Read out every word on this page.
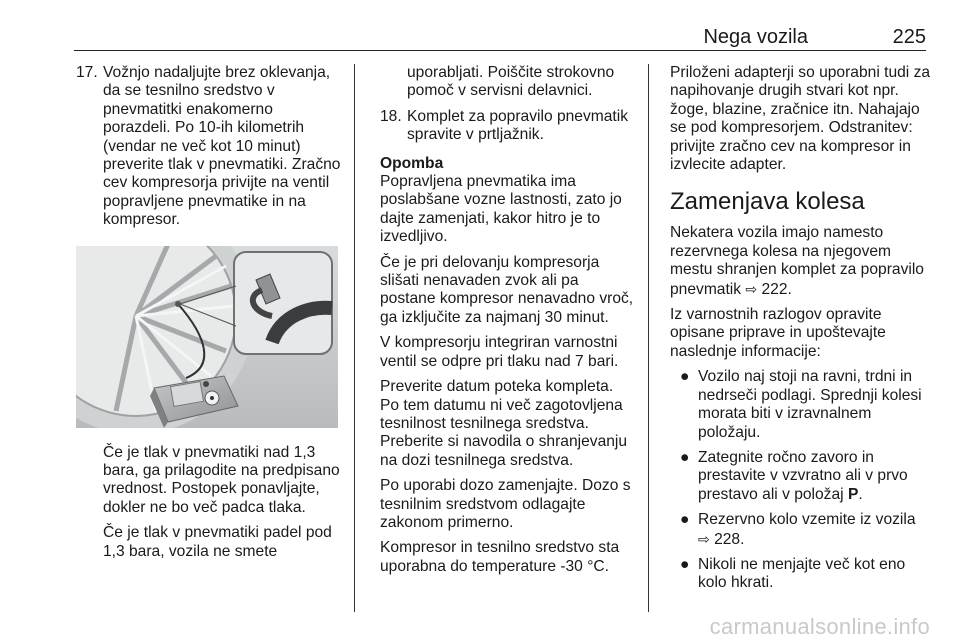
Nega vozila	225
17. Vožnjo nadaljujte brez oklevanja, da se tesnilno sredstvo v pnevmatitki enakomerno porazdeli. Po 10-ih kilometrih (vendar ne več kot 10 minut) preverite tlak v pnevmatiki. Zračno cev kompresorja privijte na ventil popravljene pnevmatike in na kompresor.

Če je tlak v pnevmatiki nad 1,3 bara, ga prilagodite na predpisano vrednost. Postopek ponavljajte, dokler ne bo več padca tlaka.

Če je tlak v pnevmatiki padel pod 1,3 bara, vozila ne smete

uporabljati. Poiščite strokovno pomoč v servisni delavnici.

18. Komplet za popravilo pnevmatik spravite v prtljažnik.
Opomba

Popravljena pnevmatika ima poslabšane vozne lastnosti, zato jo dajte zamenjati, kakor hitro je to izvedljivo.

Če je pri delovanju kompresorja slišati nenavaden zvok ali pa postane kompresor nenavadno vroč, ga izključite za najmanj 30 minut.

V kompresorju integriran varnostni ventil se odpre pri tlaku nad 7 bari.

Preverite datum poteka kompleta. Po tem datumu ni več zagotovljena tesnilnost tesnilnega sredstva. Preberite si navodila o shranjevanju na dozi tesnilnega sredstva.

Po uporabi dozo zamenjajte. Dozo s tesnilnim sredstvom odlagajte zakonom primerno.

Kompresor in tesnilno sredstvo sta uporabna do temperature -30 °C.

Priloženi adapterji so uporabni tudi za napihovanje drugih stvari kot npr. žoge, blazine, zračnice itn. Nahajajo se pod kompresorjem. Odstranitev: privijte zračno cev na kompresor in izvlecite adapter.

Zamenjava kolesa

Nekatera vozila imajo namesto rezervnega kolesa na njegovem mestu shranjen komplet za popravilo pnevmatik ⇨ 222.

Iz varnostnih razlogov opravite opisane priprave in upoštevajte naslednje informacije:

● Vozilo naj stoji na ravni, trdni in nedrseči podlagi. Sprednji kolesi morata biti v izravnalnem položaju.
● Zategnite ročno zavoro in prestavite v vzvratno ali v prvo prestavo ali v položaj P.
● Rezervno kolo vzemite iz vozila
⇨ 228.
● Nikoli ne menjajte več kot eno kolo hkrati.
carmanualsonline.info
